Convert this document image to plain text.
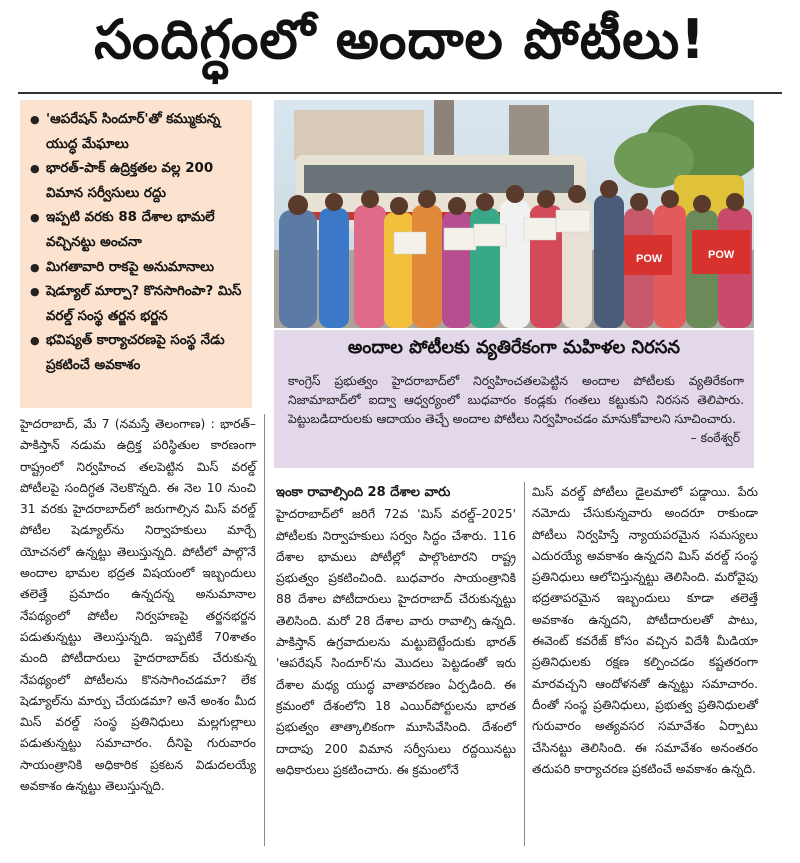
సందిగ్ధంలో అందాల పోటీలు!
● 'ఆపరేషన్ సిందూర్'తో కమ్ముకున్న యుద్ధ మేఘాలు
● భారత్-పాక్ ఉద్రిక్తతల వల్ల 200 విమాన సర్వీసులు రద్దు
● ఇప్పటి వరకు 88 దేశాల భామలే వచ్చినట్టు అంచనా
● మిగతావారి రాకపై అనుమానాలు
● షెడ్యూల్ మార్పా? కొనసాగింపా? మిస్ వరల్డ్ సంస్థ తర్జన భర్జన
● భవిష్యత్ కార్యాచరణపై సంస్థ నేడు ప్రకటించే అవకాశం
POW	POW
అందాల పోటీలకు వ్యతిరేకంగా మహిళల నిరసన
కాంగ్రెస్ ప్రభుత్వం హైదరాబాద్‌లో నిర్వహించతలపెట్టిన అందాల పోటీలకు వ్యతిరేకంగా నిజామాబాద్‌లో ఐద్వా ఆధ్వర్యంలో బుధవారం కండ్లకు గంతలు కట్టుకుని నిరసన తెలిపారు. పెట్టుబడిదారులకు ఆదాయం తెచ్చే అందాల పోటీలు నిర్వహించడం మానుకోవాలని సూచించారు.
– కంఠేశ్వర్
హైదరాబాద్, మే 7 (నమస్తే తెలంగాణ) : భారత్– పాకిస్తాన్ నడుమ ఉద్రిక్త పరిస్థితుల కారణంగా రాష్ట్రంలో నిర్వహించ తలపెట్టిన మిస్ వరల్డ్ పోటీలపై సందిగ్ధత నెలకొన్నది. ఈ నెల 10 నుంచి 31 వరకు హైదరాబాద్‌లో జరుగాల్సిన మిస్ వరల్డ్ పోటీల షెడ్యూల్‌ను నిర్వాహకులు మార్చే యోచనలో ఉన్నట్టు తెలుస్తున్నది. పోటీలో పాల్గొనే అందాల భామల భద్రత విషయంలో ఇబ్బందులు తలెత్తే ప్రమాదం ఉన్నదన్న అనుమానాల నేపథ్యంలో పోటీల నిర్వహణపై తర్జనభర్జన పడుతున్నట్టు తెలుస్తున్నది. ఇప్పటికే 70శాతం మంది పోటీదారులు హైదరాబాద్‌కు చేరుకున్న నేపథ్యంలో పోటీలను కొనసాగించడమా? లేక షెడ్యూల్‌ను మార్పు చేయడమా? అనే అంశం మీద మిస్ వరల్డ్ సంస్థ ప్రతినిధులు మల్లగుల్లాలు పడుతున్నట్టు సమాచారం. దీనిపై గురువారం సాయంత్రానికి అధికారిక ప్రకటన విడుదలయ్యే అవకాశం ఉన్నట్టు తెలుస్తున్నది.
ఇంకా రావాల్సింది 28 దేశాల వారు
హైదరాబాద్‌లో జరిగే 72వ 'మిస్ వరల్డ్–2025' పోటీలకు నిర్వాహకులు సర్వం సిద్ధం చేశారు. 116 దేశాల భామలు పోటీల్లో పాల్గొంటారని రాష్ట్ర ప్రభుత్వం ప్రకటించింది. బుధవారం సాయంత్రానికి 88 దేశాల పోటీదారులు హైదరాబాద్ చేరుకున్నట్టు తెలిసింది. మరో 28 దేశాల వారు రావాల్సి ఉన్నది. పాకిస్తాన్ ఉగ్రవాదులను మట్టుబెట్టేందుకు భారత్ 'ఆపరేషన్ సిందూర్'ను మొదలు పెట్టడంతో ఇరు దేశాల మధ్య యుద్ధ వాతావరణం ఏర్పడింది. ఈ క్రమంలో దేశంలోని 18 ఎయిర్‌పోర్టులను భారత ప్రభుత్వం తాత్కాలికంగా మూసివేసింది. దేశంలో దాదాపు 200 విమాన సర్వీసులు రద్దయినట్టు అధికారులు ప్రకటించారు. ఈ క్రమంలోనే
మిస్ వరల్డ్ పోటీలు డైలమాలో పడ్డాయి. పేరు నమోదు చేసుకున్నవారు అందరూ రాకుండా పోటీలు నిర్వహిస్తే న్యాయపరమైన సమస్యలు ఎదురయ్యే అవకాశం ఉన్నదని మిస్ వరల్డ్ సంస్థ ప్రతినిధులు ఆలోచిస్తున్నట్టు తెలిసింది. మరోవైపు భద్రతాపరమైన ఇబ్బందులు కూడా తలెత్తే అవకాశం ఉన్నదని, పోటీదారులతో పాటు, ఈవెంట్ కవరేజ్ కోసం వచ్చిన విదేశీ మీడియా ప్రతినిధులకు రక్షణ కల్పించడం కష్టతరంగా మారవచ్చని ఆందోళనతో ఉన్నట్టు సమాచారం. దీంతో సంస్థ ప్రతినిధులు, ప్రభుత్వ ప్రతినిధులతో గురువారం అత్యవసర సమావేశం ఏర్పాటు చేసినట్టు తెలిసింది. ఈ సమావేశం అనంతరం తదుపరి కార్యాచరణ ప్రకటించే అవకాశం ఉన్నది.
